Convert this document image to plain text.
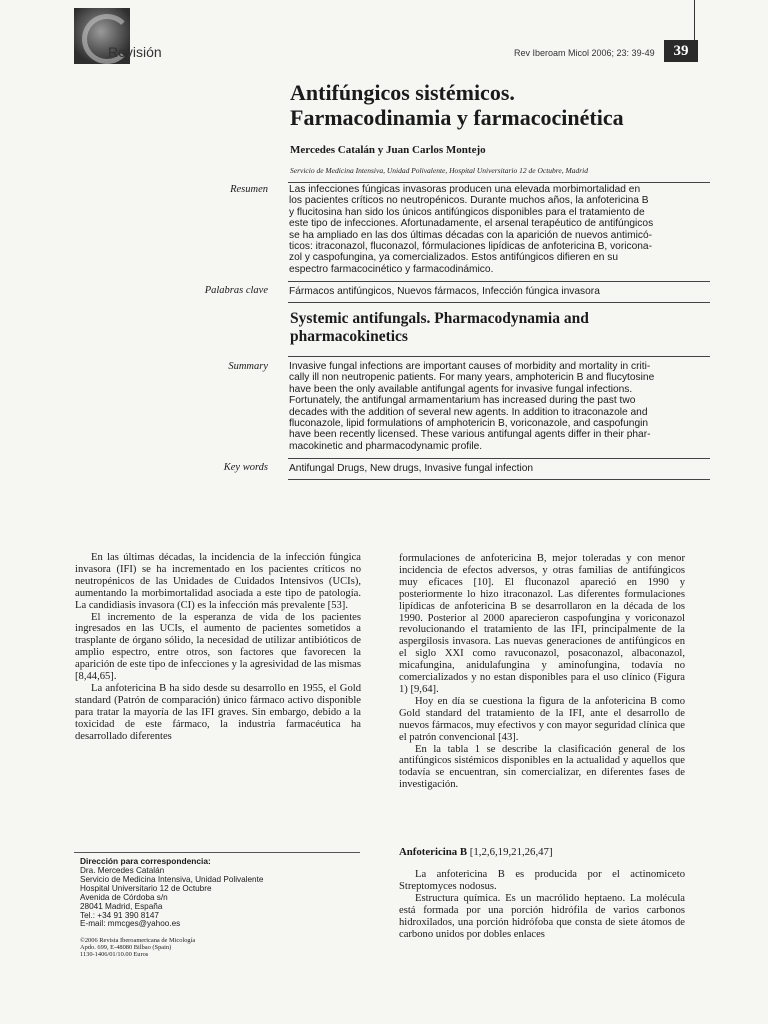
Revisión	Rev Iberoam Micol 2006; 23: 39-49	39
Antifúngicos sistémicos.
Farmacodinamia y farmacocinética
Mercedes Catalán y Juan Carlos Montejo
Servicio de Medicina Intensiva, Unidad Polivalente, Hospital Universitario 12 de Octubre, Madrid
Resumen Las infecciones fúngicas invasoras producen una elevada morbimortalidad en
los pacientes críticos no neutropénicos. Durante muchos años, la anfotericina B
y flucitosina han sido los únicos antifúngicos disponibles para el tratamiento de
este tipo de infecciones. Afortunadamente, el arsenal terapéutico de antifúngicos
se ha ampliado en las dos últimas décadas con la aparición de nuevos antimicó-
ticos: itraconazol, fluconazol, fórmulaciones lipídicas de anfotericina B, voricona-
zol y caspofungina, ya comercializados. Estos antifúngicos difieren en su
espectro farmacocinético y farmacodinámico.
Palabras clave Fármacos antifúngicos, Nuevos fármacos, Infección fúngica invasora
Systemic antifungals. Pharmacodynamia and
pharmacokinetics
Summary Invasive fungal infections are important causes of morbidity and mortality in criti-
cally ill non neutropenic patients. For many years, amphotericin B and flucytosine
have been the only available antifungal agents for invasive fungal infections.
Fortunately, the antifungal armamentarium has increased during the past two
decades with the addition of several new agents. In addition to itraconazole and
fluconazole, lipid formulations of amphotericin B, voriconazole, and caspofungin
have been recently licensed. These various antifungal agents differ in their phar-
macokinetic and pharmacodynamic profile.
Key words Antifungal Drugs, New drugs, Invasive fungal infection

En las últimas décadas, la incidencia de la infección fúngica invasora (IFI) se ha incrementado en los pacientes críticos no neutropénicos de las Unidades de Cuidados Intensivos (UCIs), aumentando la morbimortalidad asociada a este tipo de patología. La candidiasis invasora (CI) es la infección más prevalente [53].

El incremento de la esperanza de vida de los pacientes ingresados en las UCIs, el aumento de pacientes sometidos a trasplante de órgano sólido, la necesidad de utilizar antibióticos de amplio espectro, entre otros, son factores que favorecen la aparición de este tipo de infecciones y la agresividad de las mismas [8,44,65].

La anfotericina B ha sido desde su desarrollo en 1955, el Gold standard (Patrón de comparación) único fármaco activo disponible para tratar la mayoría de las IFI graves. Sin embargo, debido a la toxicidad de este fármaco, la industria farmacéutica ha desarrollado diferentes

formulaciones de anfotericina B, mejor toleradas y con menor incidencia de efectos adversos, y otras familias de antifúngicos muy eficaces [10]. El fluconazol apareció en 1990 y posteriormente lo hizo itraconazol. Las diferentes formulaciones lipídicas de anfotericina B se desarrollaron en la década de los 1990. Posterior al 2000 aparecieron caspofungina y voriconazol revolucionando el tratamiento de las IFI, principalmente de la aspergilosis invasora. Las nuevas generaciones de antifúngicos en el siglo XXI como ravuconazol, posaconazol, albaconazol, micafungina, anidulafungina y aminofungina, todavía no comercializados y no estan disponibles para el uso clínico (Figura 1) [9,64].

Hoy en día se cuestiona la figura de la anfotericina B como Gold standard del tratamiento de la IFI, ante el desarrollo de nuevos fármacos, muy efectivos y con mayor seguridad clínica que el patrón convencional [43].

En la tabla 1 se describe la clasificación general de los antifúngicos sistémicos disponibles en la actualidad y aquellos que todavía se encuentran, sin comercializar, en diferentes fases de investigación.

Anfotericina B [1,2,6,19,21,26,47]

La anfotericina B es producida por el actinomiceto Streptomyces nodosus.

Estructura química. Es un macrólido heptaeno. La molécula está formada por una porción hidrófila de varios carbonos hidroxilados, una porción hidrófoba que consta de siete átomos de carbono unidos por dobles enlaces

Dirección para correspondencia:
Dra. Mercedes Catalán
Servicio de Medicina Intensiva, Unidad Polivalente
Hospital Universitario 12 de Octubre
Avenida de Córdoba s/n
28041 Madrid, España
Tel.: +34 91 390 8147
E-mail: mmcges@yahoo.es
©2006 Revista Iberoamericana de Micología
Apdo. 699, E-48080 Bilbao (Spain)
1130-1406/01/10.00 Euros
